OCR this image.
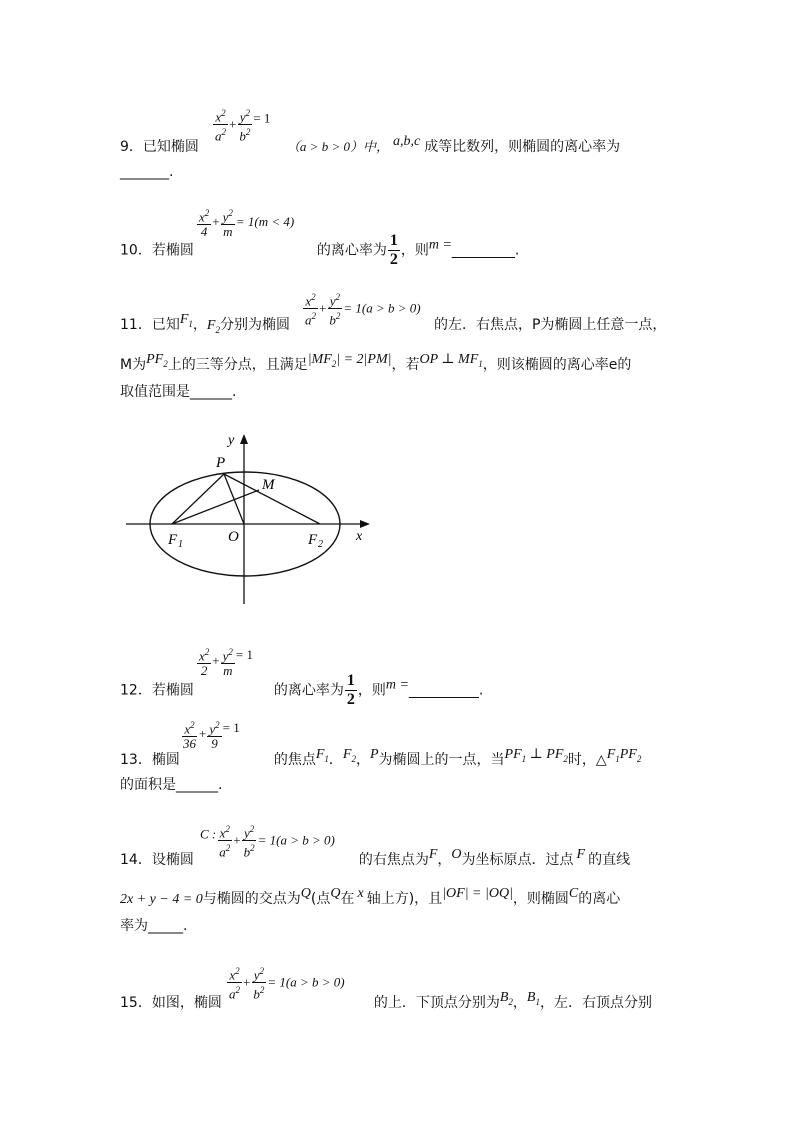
$\frac{x^2}{a^2} + \frac{y^2}{b^2} = 1$
9．已知椭圆	（a > b > 0）中， a,b,c 成等比数列，则椭圆的离心率为
_______.
$\frac{x^2}{4} + \frac{y^2}{m} = 1(m < 4)$
10．若椭圆	的离心率为 $\frac{1}{2}$ ，则m =_________.
$\frac{x^2}{a^2} + \frac{y^2}{b^2} = 1(a > b > 0)$
11．已知$F_1$，$F_2$分别为椭圆	的左．右焦点，P为椭圆上任意一点，
M为$PF_2$上的三等分点，且满足$|MF_2| = 2|PM|$，若OP ⊥ $MF_1$，则该椭圆的离心率e的
取值范围是______.
y
x
P
M
O
F 1	F 2
$\frac{x^2}{2} + \frac{y^2}{m} = 1$
12．若椭圆	的离心率为 $\frac{1}{2}$ ，则m =__________.
$\frac{x^2}{36} + \frac{y^2}{9} = 1$
13．椭圆	的焦点$F_1$．$F_2$，P为椭圆上的一点，当$PF_1$ ⊥ $PF_2$时，$\triangle F_1PF_2$
的面积是______.
C : $\frac{x^2}{a^2} + \frac{y^2}{b^2} = 1(a > b > 0)$
14．设椭圆	的右焦点为F，O为坐标原点．过点 F 的直线
2x + y − 4 = 0与椭圆的交点为Q(点Q在 x 轴上方)，且|OF| = |OQ|，则椭圆C的离心
率为_____.
$\frac{x^2}{a^2} + \frac{y^2}{b^2} = 1(a > b > 0)$
15．如图，椭圆	的上．下顶点分别为$B_2$，$B_1$，左．右顶点分别
